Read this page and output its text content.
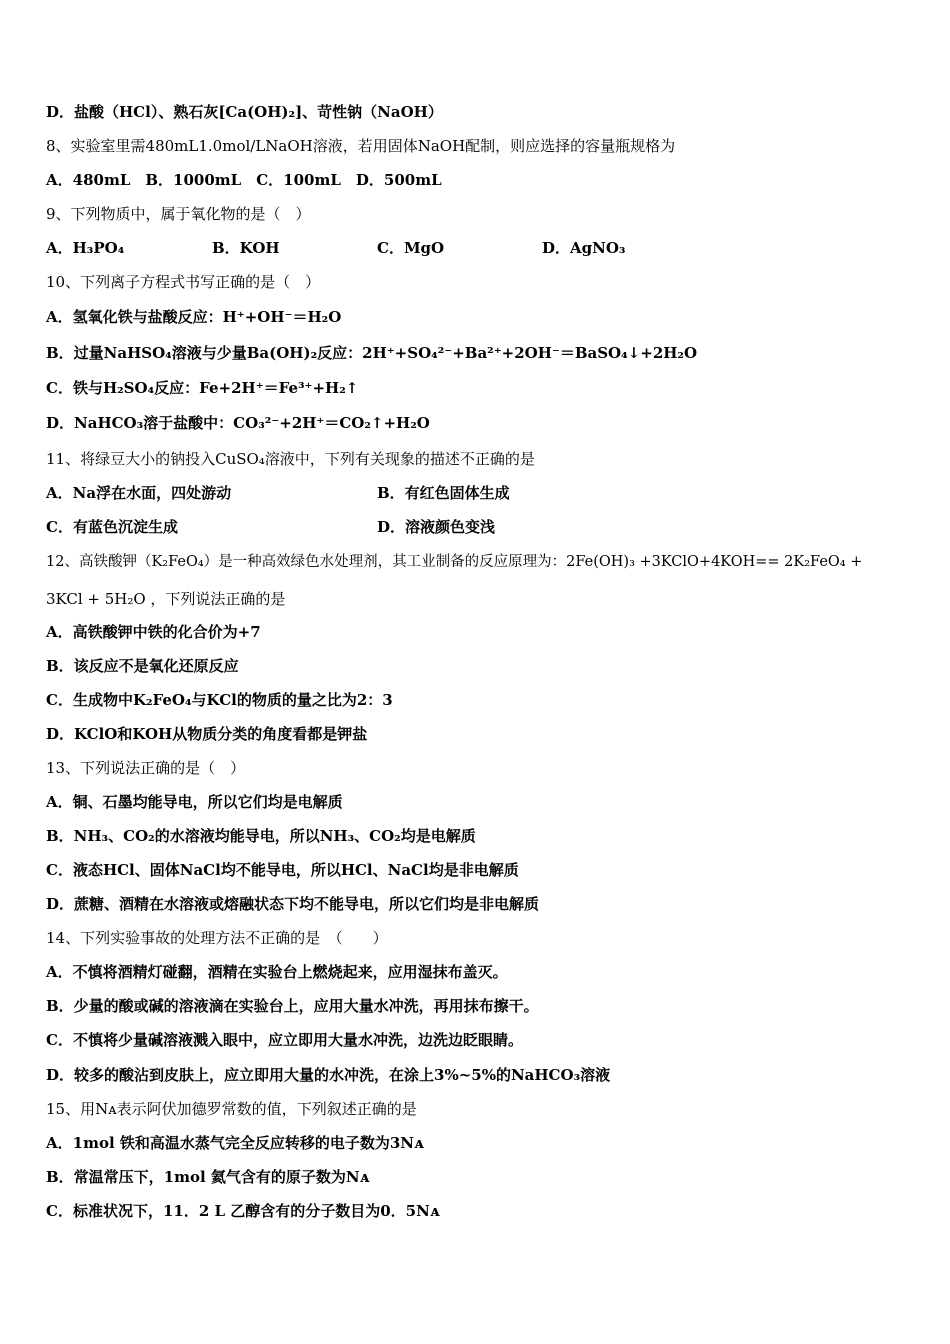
D．盐酸（HCl）、熟石灰[Ca(OH)₂]、苛性钠（NaOH）
8、实验室里需480mL1.0mol/LNaOH溶液，若用固体NaOH配制，则应选择的容量瓶规格为
A．480mL　B．1000mL　C．100mL　D．500mL
9、下列物质中，属于氧化物的是（　）
A．H₃PO₄	B．KOH	C．MgO	D．AgNO₃
10、下列离子方程式书写正确的是（　）
A．氢氧化铁与盐酸反应：H⁺+OH⁻＝H₂O
B．过量NaHSO₄溶液与少量Ba(OH)₂反应：2H⁺+SO₄²⁻+Ba²⁺+2OH⁻＝BaSO₄↓+2H₂O
C．铁与H₂SO₄反应：Fe+2H⁺＝Fe³⁺+H₂↑
D．NaHCO₃溶于盐酸中：CO₃²⁻+2H⁺＝CO₂↑+H₂O
11、将绿豆大小的钠投入CuSO₄溶液中，下列有关现象的描述不正确的是
A．Na浮在水面，四处游动	B．有红色固体生成
C．有蓝色沉淀生成	D．溶液颜色变浅
12、高铁酸钾（K₂FeO₄）是一种高效绿色水处理剂，其工业制备的反应原理为：2Fe(OH)₃ +3KClO+4KOH== 2K₂FeO₄ +
3KCl + 5H₂O ，下列说法正确的是
A．高铁酸钾中铁的化合价为+7
B．该反应不是氧化还原反应
C．生成物中K₂FeO₄与KCl的物质的量之比为2：3
D．KClO和KOH从物质分类的角度看都是钾盐
13、下列说法正确的是（　）
A．铜、石墨均能导电，所以它们均是电解质
B．NH₃、CO₂的水溶液均能导电，所以NH₃、CO₂均是电解质
C．液态HCl、固体NaCl均不能导电，所以HCl、NaCl均是非电解质
D．蔗糖、酒精在水溶液或熔融状态下均不能导电，所以它们均是非电解质
14、下列实验事故的处理方法不正确的是　（　　）
A．不慎将酒精灯碰翻，酒精在实验台上燃烧起来，应用湿抹布盖灭。
B．少量的酸或碱的溶液滴在实验台上，应用大量水冲洗，再用抹布擦干。
C．不慎将少量碱溶液溅入眼中，应立即用大量水冲洗，边洗边眨眼睛。
D．较多的酸沾到皮肤上，应立即用大量的水冲洗，在涂上3%~5%的NaHCO₃溶液
15、用Nᴀ表示阿伏加德罗常数的值，下列叙述正确的是
A．1mol 铁和高温水蒸气完全反应转移的电子数为3Nᴀ
B．常温常压下，1mol 氦气含有的原子数为Nᴀ
C．标准状况下，11．2 L 乙醇含有的分子数目为0．5Nᴀ
